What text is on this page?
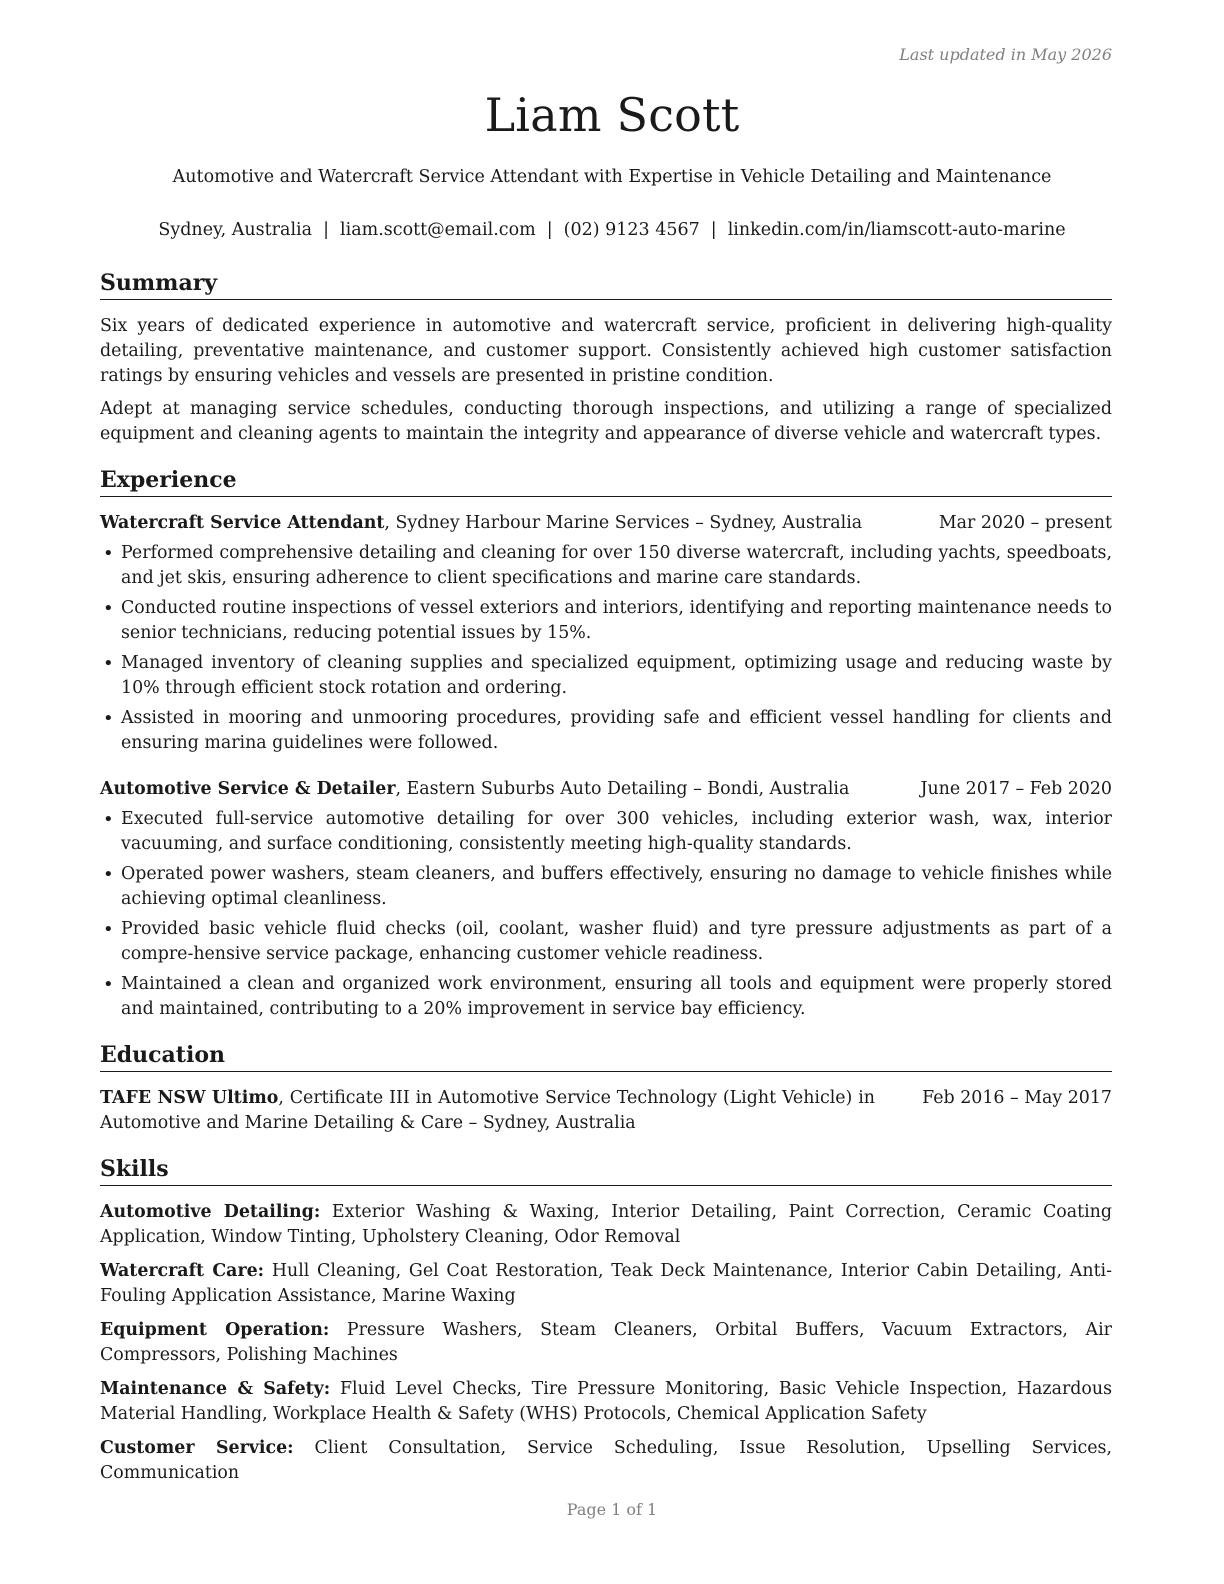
Last updated in May 2026
Liam Scott
Automotive and Watercraft Service Attendant with Expertise in Vehicle Detailing and Maintenance
Sydney, Australia | liam.scott@email.com | (02) 9123 4567 | linkedin.com/in/liamscott-auto-marine
Summary

Six years of dedicated experience in automotive and watercraft service, proficient in delivering high-quality detailing, preventative maintenance, and customer support. Consistently achieved high customer satisfaction ratings by ensuring vehicles and vessels are presented in pristine condition.

Adept at managing service schedules, conducting thorough inspections, and utilizing a range of specialized equipment and cleaning agents to maintain the integrity and appearance of diverse vehicle and watercraft types.

Experience
Watercraft Service Attendant, Sydney Harbour Marine Services – Sydney, Australia	Mar 2020 – present
• Performed comprehensive detailing and cleaning for over 150 diverse watercraft, including yachts, speedboats, and jet skis, ensuring adherence to client specifications and marine care standards.
• Conducted routine inspections of vessel exteriors and interiors, identifying and reporting maintenance needs to senior technicians, reducing potential issues by 15%.
• Managed inventory of cleaning supplies and specialized equipment, optimizing usage and reducing waste by 10% through efficient stock rotation and ordering.
• Assisted in mooring and unmooring procedures, providing safe and efficient vessel handling for clients and ensuring marina guidelines were followed.
Automotive Service & Detailer, Eastern Suburbs Auto Detailing – Bondi, Australia	June 2017 – Feb 2020
• Executed full-service automotive detailing for over 300 vehicles, including exterior wash, wax, interior vacuuming, and surface conditioning, consistently meeting high-quality standards.
• Operated power washers, steam cleaners, and buffers effectively, ensuring no damage to vehicle finishes while achieving optimal cleanliness.
• Provided basic vehicle fluid checks (oil, coolant, washer fluid) and tyre pressure adjustments as part of a compre-hensive service package, enhancing customer vehicle readiness.
• Maintained a clean and organized work environment, ensuring all tools and equipment were properly stored and maintained, contributing to a 20% improvement in service bay efficiency.
Education
TAFE NSW Ultimo, Certificate III in Automotive Service Technology (Light Vehicle) in Automotive and Marine Detailing & Care – Sydney, Australia
Feb 2016 – May 2017
Skills
Automotive Detailing: Exterior Washing & Waxing, Interior Detailing, Paint Correction, Ceramic Coating Application, Window Tinting, Upholstery Cleaning, Odor Removal
Watercraft Care: Hull Cleaning, Gel Coat Restoration, Teak Deck Maintenance, Interior Cabin Detailing, Anti-Fouling Application Assistance, Marine Waxing
Equipment Operation: Pressure Washers, Steam Cleaners, Orbital Buffers, Vacuum Extractors, Air Compressors, Polishing Machines
Maintenance & Safety: Fluid Level Checks, Tire Pressure Monitoring, Basic Vehicle Inspection, Hazardous Material Handling, Workplace Health & Safety (WHS) Protocols, Chemical Application Safety
Customer Service: Client Consultation, Service Scheduling, Issue Resolution, Upselling Services, Communication
Page 1 of 1
